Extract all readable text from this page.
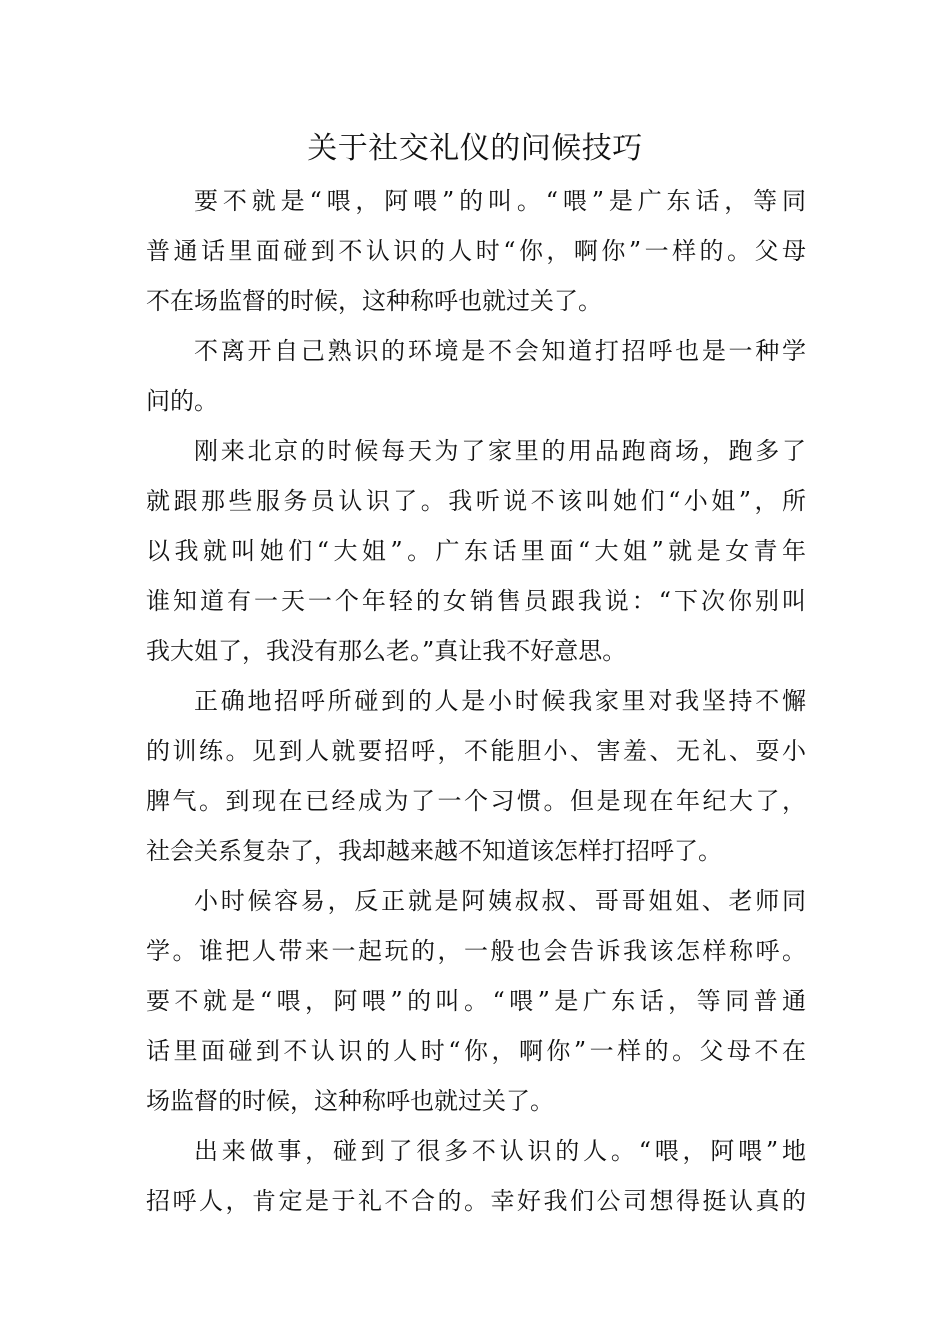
关于社交礼仪的问候技巧

要不就是“喂，阿喂”的叫。“喂”是广东话，等同
普通话里面碰到不认识的人时“你，啊你”一样的。父母
不在场监督的时候，这种称呼也就过关了。

不离开自己熟识的环境是不会知道打招呼也是一种学
问的。

刚来北京的时候每天为了家里的用品跑商场，跑多了
就跟那些服务员认识了。我听说不该叫她们“小姐”，所
以我就叫她们“大姐”。广东话里面“大姐”就是女青年
谁知道有一天一个年轻的女销售员跟我说：“下次你别叫
我大姐了，我没有那么老。”真让我不好意思。

正确地招呼所碰到的人是小时候我家里对我坚持不懈
的训练。见到人就要招呼，不能胆小、害羞、无礼、耍小
脾气。到现在已经成为了一个习惯。但是现在年纪大了，
社会关系复杂了，我却越来越不知道该怎样打招呼了。

小时候容易，反正就是阿姨叔叔、哥哥姐姐、老师同
学。谁把人带来一起玩的，一般也会告诉我该怎样称呼。
要不就是“喂，阿喂”的叫。“喂”是广东话，等同普通
话里面碰到不认识的人时“你，啊你”一样的。父母不在
场监督的时候，这种称呼也就过关了。

出来做事，碰到了很多不认识的人。“喂，阿喂”地
招呼人，肯定是于礼不合的。幸好我们公司想得挺认真的
